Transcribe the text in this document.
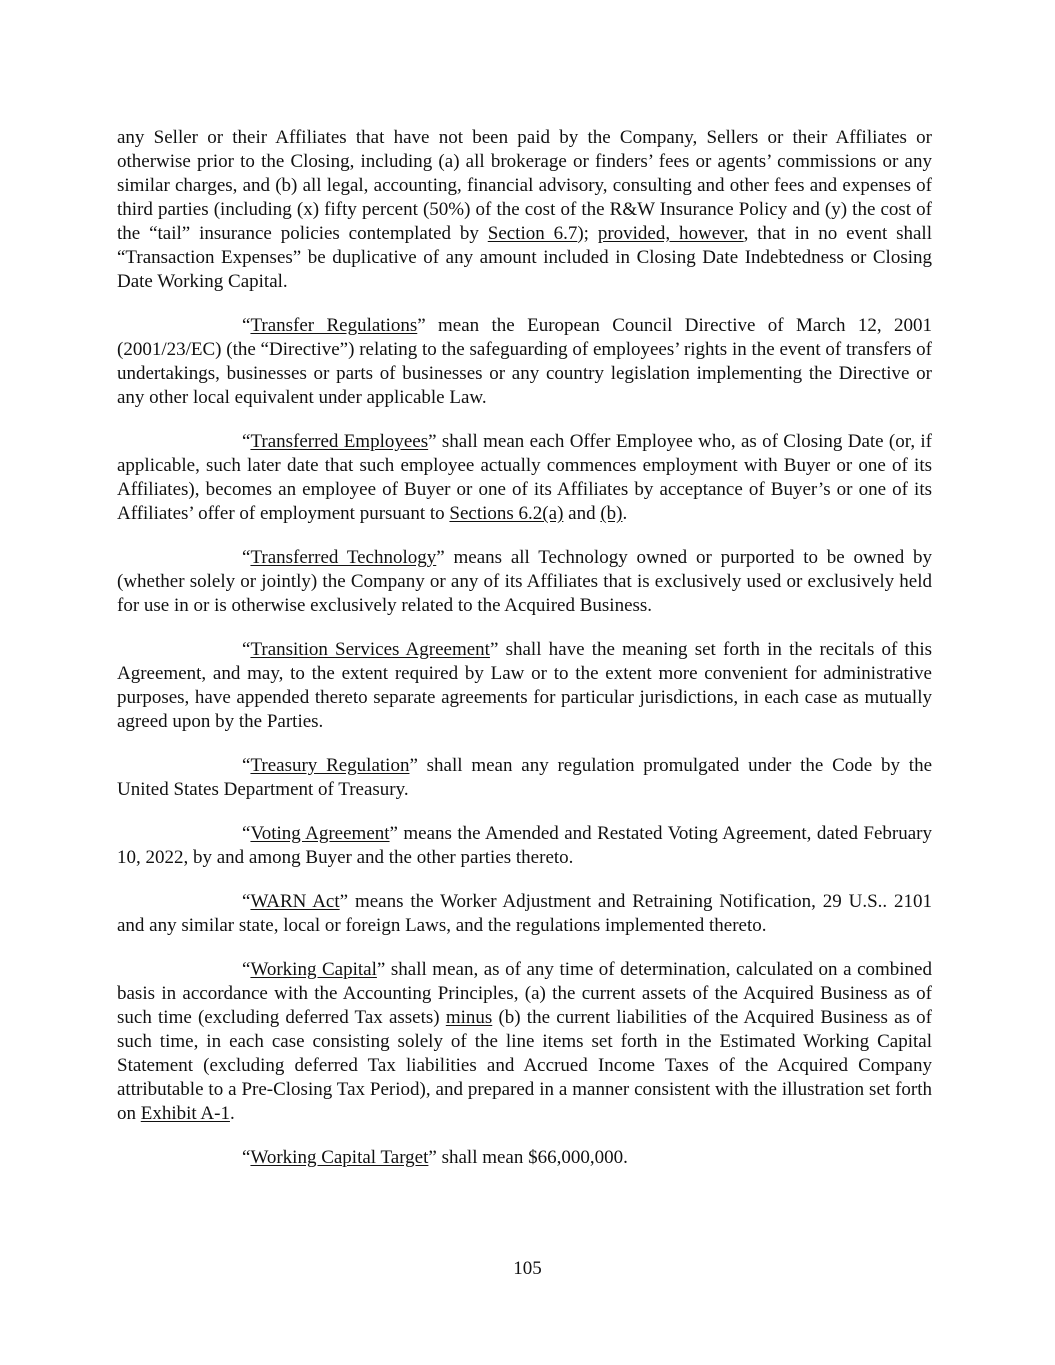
any Seller or their Affiliates that have not been paid by the Company, Sellers or their Affiliates or otherwise prior to the Closing, including (a) all brokerage or finders’ fees or agents’ commissions or any similar charges, and (b) all legal, accounting, financial advisory, consulting and other fees and expenses of third parties (including (x) fifty percent (50%) of the cost of the R&W Insurance Policy and (y) the cost of the “tail” insurance policies contemplated by Section 6.7); provided, however, that in no event shall “Transaction Expenses” be duplicative of any amount included in Closing Date Indebtedness or Closing Date Working Capital.

“Transfer Regulations” mean the European Council Directive of March 12, 2001 (2001/23/EC) (the “Directive”) relating to the safeguarding of employees’ rights in the event of transfers of undertakings, businesses or parts of businesses or any country legislation implementing the Directive or any other local equivalent under applicable Law.

“Transferred Employees” shall mean each Offer Employee who, as of Closing Date (or, if applicable, such later date that such employee actually commences employment with Buyer or one of its Affiliates), becomes an employee of Buyer or one of its Affiliates by acceptance of Buyer’s or one of its Affiliates’ offer of employment pursuant to Sections 6.2(a) and (b).

“Transferred Technology” means all Technology owned or purported to be owned by (whether solely or jointly) the Company or any of its Affiliates that is exclusively used or exclusively held for use in or is otherwise exclusively related to the Acquired Business.

“Transition Services Agreement” shall have the meaning set forth in the recitals of this Agreement, and may, to the extent required by Law or to the extent more convenient for administrative purposes, have appended thereto separate agreements for particular jurisdictions, in each case as mutually agreed upon by the Parties.

“Treasury Regulation” shall mean any regulation promulgated under the Code by the United States Department of Treasury.

“Voting Agreement” means the Amended and Restated Voting Agreement, dated February 10, 2022, by and among Buyer and the other parties thereto.

“WARN Act” means the Worker Adjustment and Retraining Notification, 29 U.S.. 2101 and any similar state, local or foreign Laws, and the regulations implemented thereto.

“Working Capital” shall mean, as of any time of determination, calculated on a combined basis in accordance with the Accounting Principles, (a) the current assets of the Acquired Business as of such time (excluding deferred Tax assets) minus (b) the current liabilities of the Acquired Business as of such time, in each case consisting solely of the line items set forth in the Estimated Working Capital Statement (excluding deferred Tax liabilities and Accrued Income Taxes of the Acquired Company attributable to a Pre-Closing Tax Period), and prepared in a manner consistent with the illustration set forth on Exhibit A-1.

“Working Capital Target” shall mean $66,000,000.

105
